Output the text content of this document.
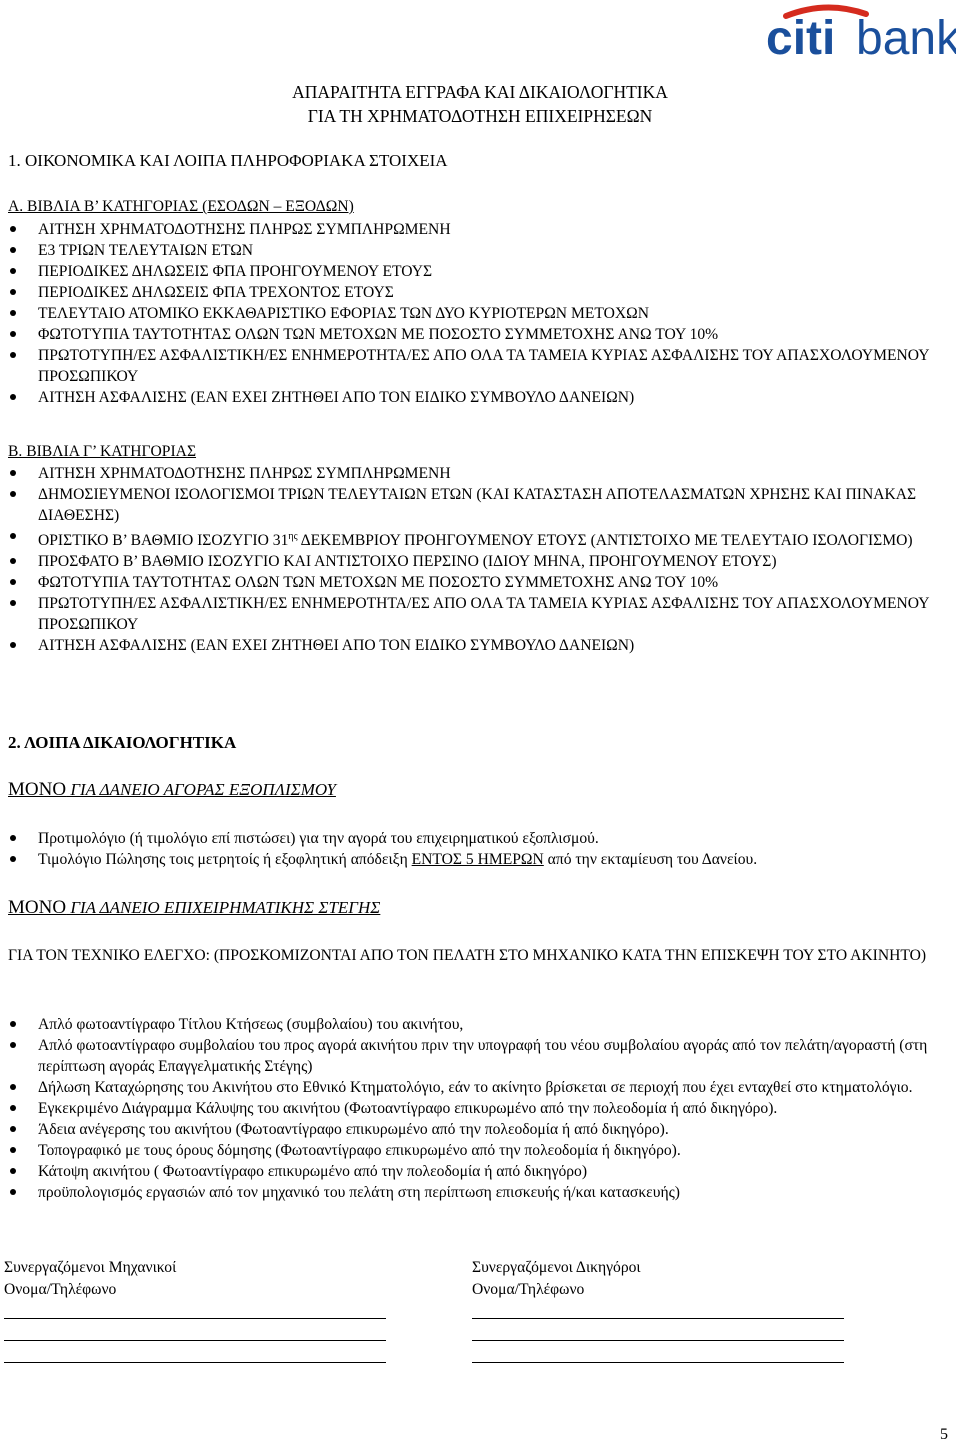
citi bank
ΑΠΑΡΑΙΤΗΤΑ ΕΓΓΡΑΦΑ ΚΑΙ ΔΙΚΑΙΟΛΟΓΗΤΙΚΑ
ΓΙΑ ΤΗ ΧΡΗΜΑΤΟΔΟΤΗΣΗ ΕΠΙΧΕΙΡΗΣΕΩΝ
1. ΟΙΚΟΝΟΜΙΚΑ ΚΑΙ ΛΟΙΠΑ ΠΛΗΡΟΦΟΡΙΑΚΑ ΣΤΟΙΧΕΙΑ
Α. ΒΙΒΛΙΑ Β’ ΚΑΤΗΓΟΡΙΑΣ (ΕΣΟΔΩΝ – ΕΞΟΔΩΝ)
ΑΙΤΗΣΗ ΧΡΗΜΑΤΟΔΟΤΗΣΗΣ ΠΛΗΡΩΣ ΣΥΜΠΛΗΡΩΜΕΝΗ
Ε3 ΤΡΙΩΝ ΤΕΛΕΥΤΑΙΩΝ ΕΤΩΝ
ΠΕΡΙΟΔΙΚΕΣ ΔΗΛΩΣΕΙΣ ΦΠΑ ΠΡΟΗΓΟΥΜΕΝΟΥ ΕΤΟΥΣ
ΠΕΡΙΟΔΙΚΕΣ ΔΗΛΩΣΕΙΣ ΦΠΑ ΤΡΕΧΟΝΤΟΣ ΕΤΟΥΣ
ΤΕΛΕΥΤΑΙΟ ΑΤΟΜΙΚΟ ΕΚΚΑΘΑΡΙΣΤΙΚΟ ΕΦΟΡΙΑΣ ΤΩΝ ΔΥΟ ΚΥΡΙΟΤΕΡΩΝ ΜΕΤΟΧΩΝ
ΦΩΤΟΤΥΠΙΑ ΤΑΥΤΟΤΗΤΑΣ ΟΛΩΝ ΤΩΝ ΜΕΤΟΧΩΝ ΜΕ ΠΟΣΟΣΤΟ ΣΥΜΜΕΤΟΧΗΣ ΑΝΩ ΤΟΥ 10%
ΠΡΩΤΟΤΥΠΗ/ΕΣ ΑΣΦΑΛΙΣΤΙΚΗ/ΕΣ ΕΝΗΜΕΡΟΤΗΤΑ/ΕΣ ΑΠΟ ΟΛΑ ΤΑ ΤΑΜΕΙΑ ΚΥΡΙΑΣ ΑΣΦΑΛΙΣΗΣ ΤΟΥ ΑΠΑΣΧΟΛΟΥΜΕΝΟΥ ΠΡΟΣΩΠΙΚΟΥ
ΑΙΤΗΣΗ ΑΣΦΑΛΙΣΗΣ (ΕΑΝ ΕΧΕΙ ΖΗΤΗΘΕΙ ΑΠΟ ΤΟΝ ΕΙΔΙΚΟ ΣΥΜΒΟΥΛΟ ΔΑΝΕΙΩΝ)
Β. ΒΙΒΛΙΑ Γ’ ΚΑΤΗΓΟΡΙΑΣ
ΑΙΤΗΣΗ ΧΡΗΜΑΤΟΔΟΤΗΣΗΣ ΠΛΗΡΩΣ ΣΥΜΠΛΗΡΩΜΕΝΗ
ΔΗΜΟΣΙΕΥΜΕΝΟΙ ΙΣΟΛΟΓΙΣΜΟΙ ΤΡΙΩΝ ΤΕΛΕΥΤΑΙΩΝ ΕΤΩΝ (ΚΑΙ ΚΑΤΑΣΤΑΣΗ ΑΠΟΤΕΛΑΣΜΑΤΩΝ ΧΡΗΣΗΣ ΚΑΙ ΠΙΝΑΚΑΣ ΔΙΑΘΕΣΗΣ)
ΟΡΙΣΤΙΚΟ Β’ ΒΑΘΜΙΟ ΙΣΟΖΥΓΙΟ $31^{\eta\varsigma}$ ΔΕΚΕΜΒΡΙΟΥ ΠΡΟΗΓΟΥΜΕΝΟΥ ΕΤΟΥΣ (ΑΝΤΙΣΤΟΙΧΟ ΜΕ ΤΕΛΕΥΤΑΙΟ ΙΣΟΛΟΓΙΣΜΟ)
ΠΡΟΣΦΑΤΟ Β’ ΒΑΘΜΙΟ ΙΣΟΖΥΓΙΟ ΚΑΙ ΑΝΤΙΣΤΟΙΧΟ ΠΕΡΣΙΝΟ (ΙΔΙΟΥ ΜΗΝΑ, ΠΡΟΗΓΟΥΜΕΝΟΥ ΕΤΟΥΣ)
ΦΩΤΟΤΥΠΙΑ ΤΑΥΤΟΤΗΤΑΣ ΟΛΩΝ ΤΩΝ ΜΕΤΟΧΩΝ ΜΕ ΠΟΣΟΣΤΟ ΣΥΜΜΕΤΟΧΗΣ ΑΝΩ ΤΟΥ 10%
ΠΡΩΤΟΤΥΠΗ/ΕΣ ΑΣΦΑΛΙΣΤΙΚΗ/ΕΣ ΕΝΗΜΕΡΟΤΗΤΑ/ΕΣ ΑΠΟ ΟΛΑ ΤΑ ΤΑΜΕΙΑ ΚΥΡΙΑΣ ΑΣΦΑΛΙΣΗΣ ΤΟΥ ΑΠΑΣΧΟΛΟΥΜΕΝΟΥ ΠΡΟΣΩΠΙΚΟΥ
ΑΙΤΗΣΗ ΑΣΦΑΛΙΣΗΣ (ΕΑΝ ΕΧΕΙ ΖΗΤΗΘΕΙ ΑΠΟ ΤΟΝ ΕΙΔΙΚΟ ΣΥΜΒΟΥΛΟ ΔΑΝΕΙΩΝ)
2. ΛΟΙΠΑ ΔΙΚΑΙΟΛΟΓΗΤΙΚΑ
ΜΟΝΟ ΓΙΑ ΔΑΝΕΙΟ ΑΓΟΡΑΣ ΕΞΟΠΛΙΣΜΟΥ
Προτιμολόγιο (ή τιμολόγιο επί πιστώσει) για την αγορά του επιχειρηματικού εξοπλισμού.
Τιμολόγιο Πώλησης τοις μετρητοίς ή εξοφλητική απόδειξη ΕΝΤΟΣ 5 ΗΜΕΡΩΝ από την εκταμίευση του Δανείου.
ΜΟΝΟ ΓΙΑ ΔΑΝΕΙΟ ΕΠΙΧΕΙΡΗΜΑΤΙΚΗΣ ΣΤΕΓΗΣ
ΓΙΑ ΤΟΝ ΤΕΧΝΙΚΟ ΕΛΕΓΧΟ: (ΠΡΟΣΚΟΜΙΖΟΝΤΑΙ ΑΠΟ ΤΟΝ ΠΕΛΑΤΗ ΣΤΟ ΜΗΧΑΝΙΚΟ ΚΑΤΑ ΤΗΝ ΕΠΙΣΚΕΨΗ ΤΟΥ ΣΤΟ ΑΚΙΝΗΤΟ)
Απλό φωτοαντίγραφο Τίτλου Κτήσεως (συμβολαίου) του ακινήτου,
Απλό φωτοαντίγραφο συμβολαίου του προς αγορά ακινήτου πριν την υπογραφή του νέου συμβολαίου αγοράς από τον πελάτη/αγοραστή (στη περίπτωση αγοράς Επαγγελματικής Στέγης)
Δήλωση Καταχώρησης του Ακινήτου στο Εθνικό Κτηματολόγιο, εάν το ακίνητο βρίσκεται σε περιοχή που έχει ενταχθεί στο κτηματολόγιο.
Εγκεκριμένο Διάγραμμα Κάλυψης του ακινήτου (Φωτοαντίγραφο επικυρωμένο από την πολεοδομία ή από δικηγόρο).
Άδεια ανέγερσης του ακινήτου (Φωτοαντίγραφο επικυρωμένο από την πολεοδομία ή από δικηγόρο).
Τοπογραφικό με τους όρους δόμησης (Φωτοαντίγραφο επικυρωμένο από την πολεοδομία ή δικηγόρο).
Κάτοψη ακινήτου ( Φωτοαντίγραφο επικυρωμένο από την πολεοδομία ή από δικηγόρο)
προϋπολογισμός εργασιών από τον μηχανικό του πελάτη στη περίπτωση επισκευής ή/και κατασκευής)
Συνεργαζόμενοι Μηχανικοί
Ονομα/Τηλέφωνο
Συνεργαζόμενοι Δικηγόροι
Ονομα/Τηλέφωνο
5
